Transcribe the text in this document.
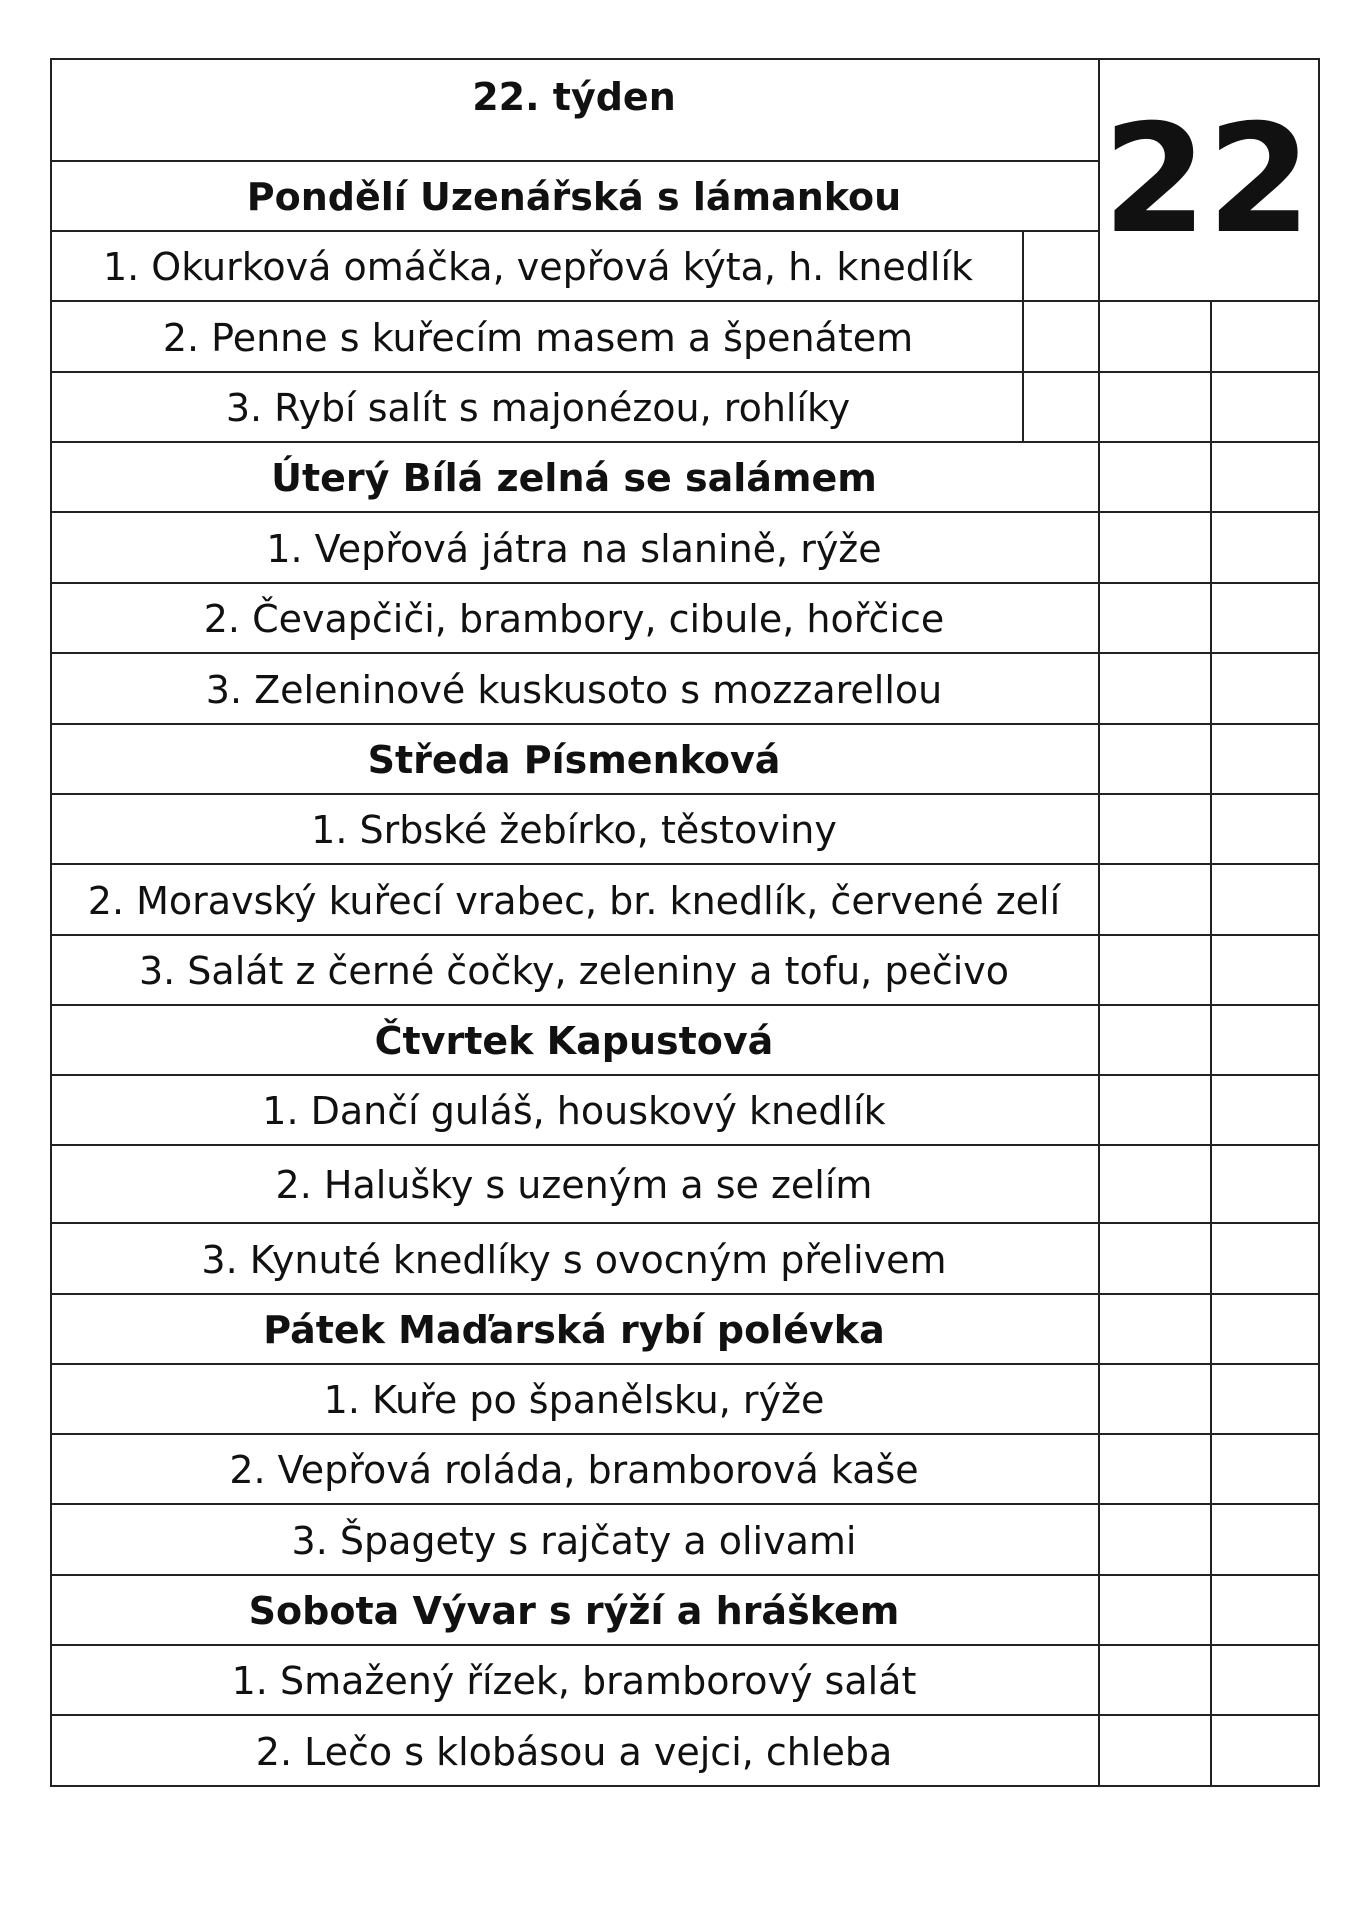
22. týden	22
Pondělí Uzenářská s lámankou
1. Okurková omáčka, vepřová kýta, h. knedlík
2. Penne s kuřecím masem a špenátem
3. Rybí salít s majonézou, rohlíky
Úterý Bílá zelná se salámem
1. Vepřová játra na slanině, rýže
2. Čevapčiči, brambory, cibule, hořčice
3. Zeleninové kuskusoto s mozzarellou
Středa Písmenková
1. Srbské žebírko, těstoviny
2. Moravský kuřecí vrabec, br. knedlík, červené zelí
3. Salát z černé čočky, zeleniny a tofu, pečivo
Čtvrtek Kapustová
1. Dančí guláš, houskový knedlík
2. Halušky s uzeným a se zelím
3. Kynuté knedlíky s ovocným přelivem
Pátek Maďarská rybí polévka
1. Kuře po španělsku, rýže
2. Vepřová roláda, bramborová kaše
3. Špagety s rajčaty a olivami
Sobota Vývar s rýží a hráškem
1. Smažený řízek, bramborový salát
2. Lečo s klobásou a vejci, chleba
